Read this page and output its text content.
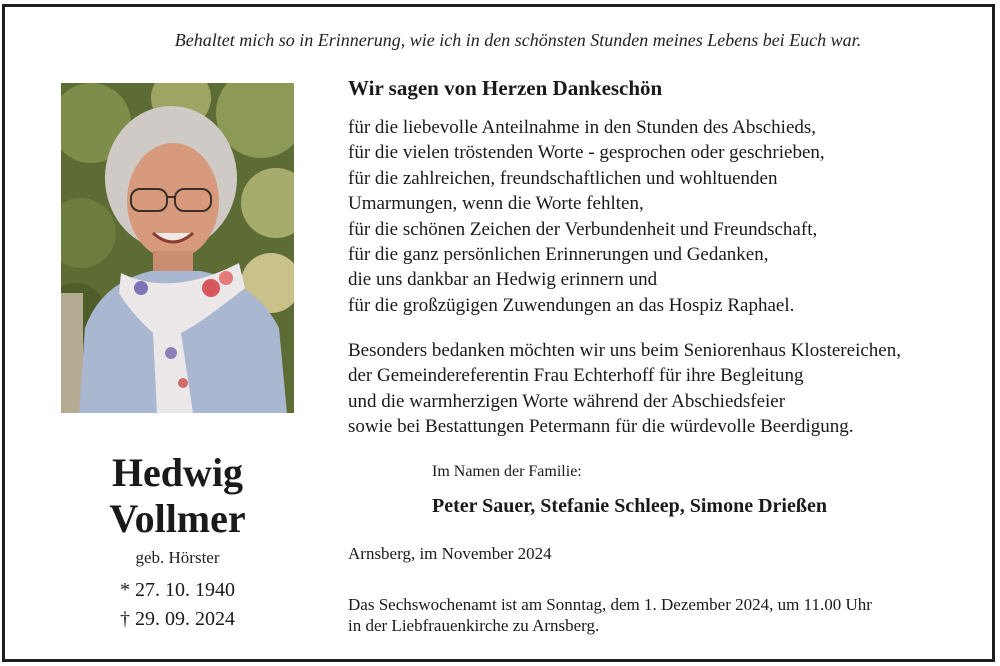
Behaltet mich so in Erinnerung, wie ich in den schönsten Stunden meines Lebens bei Euch war.
Hedwig
Vollmer
geb. Hörster
* 27. 10. 1940
† 29. 09. 2024
Wir sagen von Herzen Dankeschön
für die liebevolle Anteilnahme in den Stunden des Abschieds,
für die vielen tröstenden Worte - gesprochen oder geschrieben,
für die zahlreichen, freundschaftlichen und wohltuenden
Umarmungen, wenn die Worte fehlten,
für die schönen Zeichen der Verbundenheit und Freundschaft,
für die ganz persönlichen Erinnerungen und Gedanken,
die uns dankbar an Hedwig erinnern und
für die großzügigen Zuwendungen an das Hospiz Raphael.
Besonders bedanken möchten wir uns beim Seniorenhaus Klostereichen,
der Gemeindereferentin Frau Echterhoff für ihre Begleitung
und die warmherzigen Worte während der Abschiedsfeier
sowie bei Bestattungen Petermann für die würdevolle Beerdigung.
Im Namen der Familie:
Peter Sauer, Stefanie Schleep, Simone Drießen
Arnsberg, im November 2024
Das Sechswochenamt ist am Sonntag, dem 1. Dezember 2024, um 11.00 Uhr
in der Liebfrauenkirche zu Arnsberg.
